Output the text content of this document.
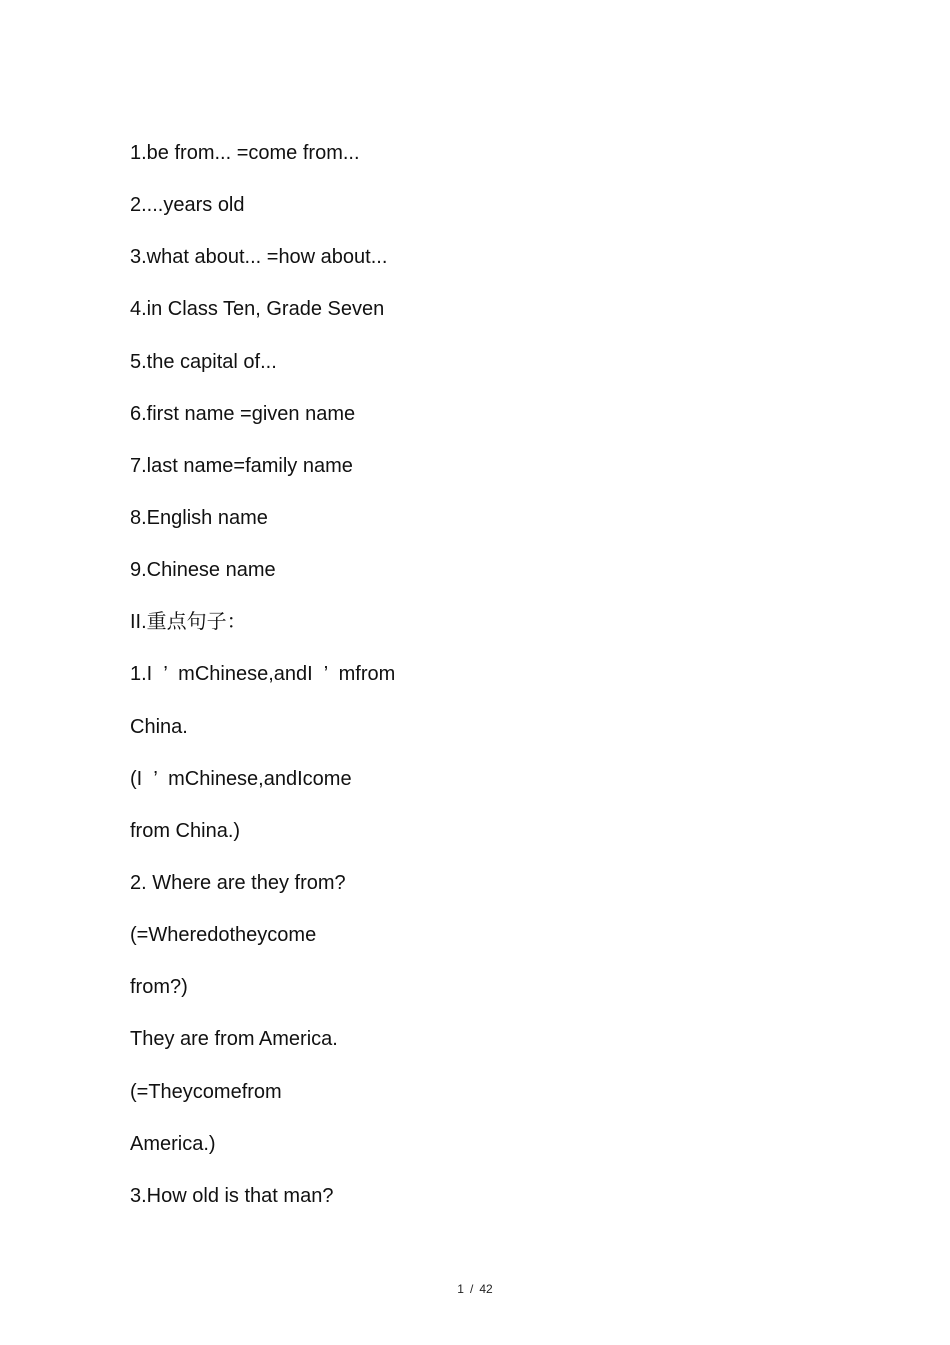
1.be from... =come from...
2....years old
3.what about... =how about...
4.in Class Ten, Grade Seven
5.the capital of...
6.first name =given name
7.last name=family name
8.English name
9.Chinese name
II.重点句子：
1.I  ’  mChinese,andI  ’  mfrom
China.
(I  ’  mChinese,andIcome
from China.)
2. Where are they from?
(=Wheredotheycome
from?)
They are from America.
(=Theycomefrom
America.)
3.How old is that man?
1 / 42
